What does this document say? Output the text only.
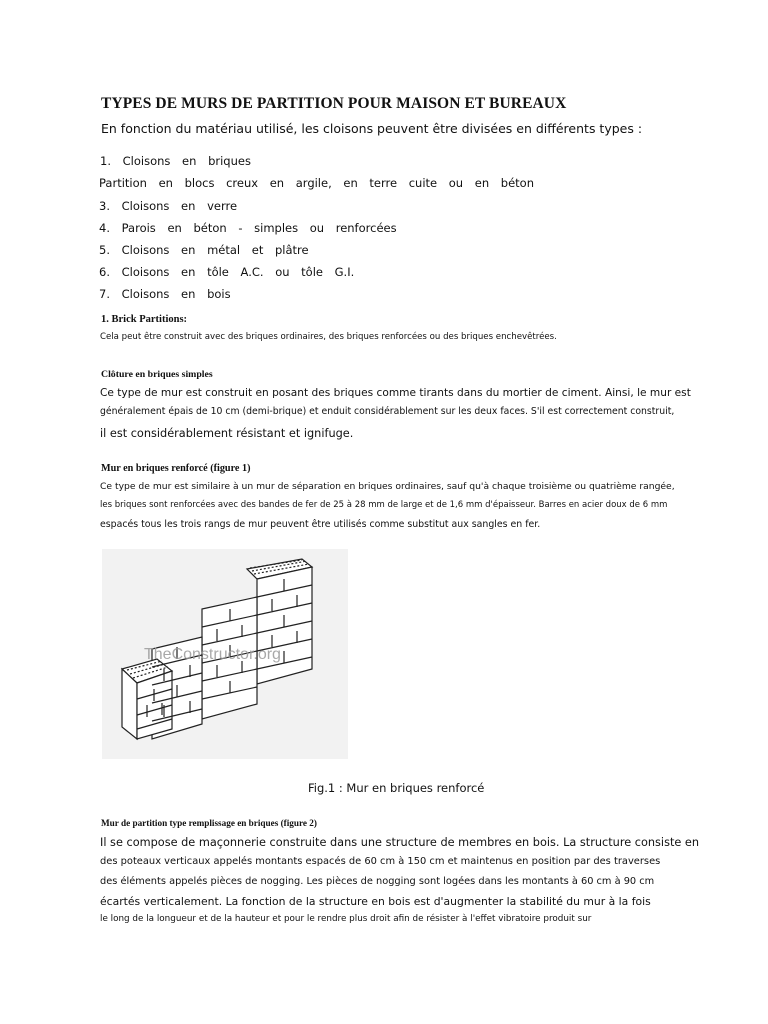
TYPES DE MURS DE PARTITION POUR MAISON ET BUREAUX
En fonction du matériau utilisé, les cloisons peuvent être divisées en différents types :
1. Cloisons en briques
Partition en blocs creux en argile, en terre cuite ou en béton
3. Cloisons en verre
4. Parois en béton - simples ou renforcées
5. Cloisons en métal et plâtre
6. Cloisons en tôle A.C. ou tôle G.I.
7. Cloisons en bois
1. Brick Partitions:
Cela peut être construit avec des briques ordinaires, des briques renforcées ou des briques enchevêtrées.
Clôture en briques simples
Ce type de mur est construit en posant des briques comme tirants dans du mortier de ciment. Ainsi, le mur est
généralement épais de 10 cm (demi-brique) et enduit considérablement sur les deux faces. S'il est correctement construit,
il est considérablement résistant et ignifuge.
Mur en briques renforcé (figure 1)
Ce type de mur est similaire à un mur de séparation en briques ordinaires, sauf qu'à chaque troisième ou quatrième rangée,
les briques sont renforcées avec des bandes de fer de 25 à 28 mm de large et de 1,6 mm d'épaisseur. Barres en acier doux de 6 mm
espacés tous les trois rangs de mur peuvent être utilisés comme substitut aux sangles en fer.
TheConstructor.org
Fig.1 : Mur en briques renforcé
Mur de partition type remplissage en briques (figure 2)
Il se compose de maçonnerie construite dans une structure de membres en bois. La structure consiste en
des poteaux verticaux appelés montants espacés de 60 cm à 150 cm et maintenus en position par des traverses
des éléments appelés pièces de nogging. Les pièces de nogging sont logées dans les montants à 60 cm à 90 cm
écartés verticalement. La fonction de la structure en bois est d'augmenter la stabilité du mur à la fois
le long de la longueur et de la hauteur et pour le rendre plus droit afin de résister à l'effet vibratoire produit sur
